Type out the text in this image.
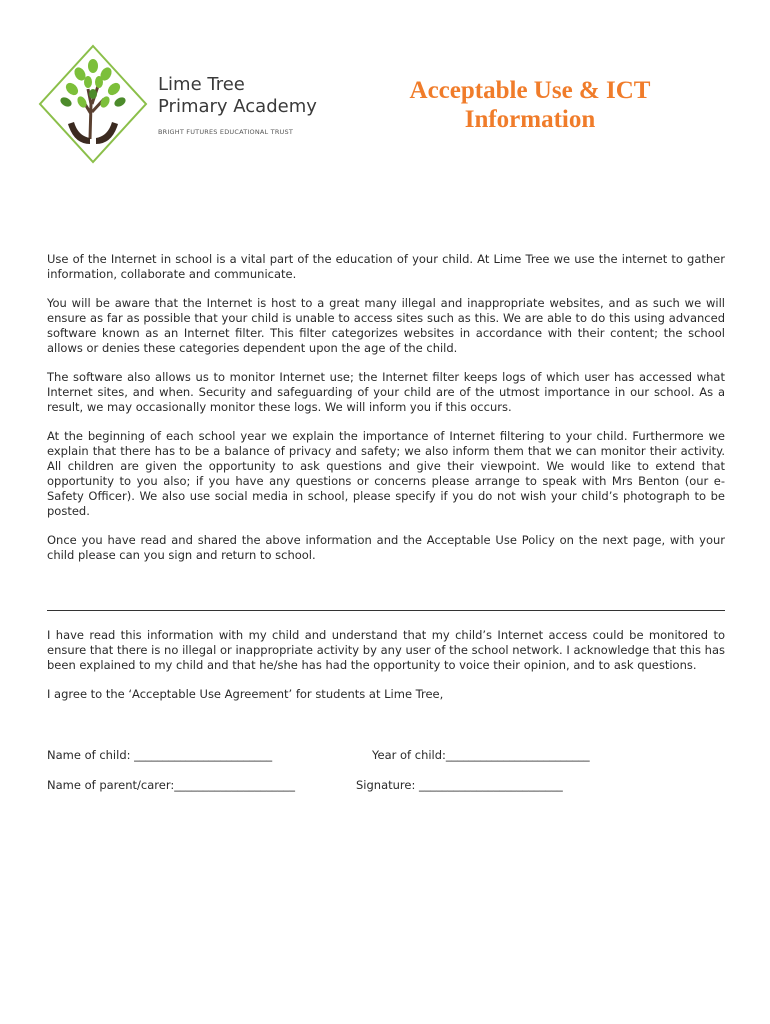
Lime Tree
Primary Academy
BRIGHT FUTURES EDUCATIONAL TRUST
Acceptable Use & ICT
Information

Use of the Internet in school is a vital part of the education of your child. At Lime Tree we use the internet to gather information, collaborate and communicate.

You will be aware that the Internet is host to a great many illegal and inappropriate websites, and as such we will ensure as far as possible that your child is unable to access sites such as this. We are able to do this using advanced software known as an Internet filter. This filter categorizes websites in accordance with their content; the school allows or denies these categories dependent upon the age of the child.

The software also allows us to monitor Internet use; the Internet filter keeps logs of which user has accessed what Internet sites, and when. Security and safeguarding of your child are of the utmost importance in our school. As a result, we may occasionally monitor these logs. We will inform you if this occurs.

At the beginning of each school year we explain the importance of Internet filtering to your child. Furthermore we explain that there has to be a balance of privacy and safety; we also inform them that we can monitor their activity. All children are given the opportunity to ask questions and give their viewpoint. We would like to extend that opportunity to you also; if you have any questions or concerns please arrange to speak with Mrs Benton (our e-Safety Officer). We also use social media in school, please specify if you do not wish your child’s photograph to be posted.

Once you have read and shared the above information and the Acceptable Use Policy on the next page, with your child please can you sign and return to school.

I have read this information with my child and understand that my child’s Internet access could be monitored to ensure that there is no illegal or inappropriate activity by any user of the school network. I acknowledge that this has been explained to my child and that he/she has had the opportunity to voice their opinion, and to ask questions.

I agree to the ‘Acceptable Use Agreement’ for students at Lime Tree,

Name of child: ________________________	Year of child:_________________________
Name of parent/carer:_____________________	Signature: _________________________
